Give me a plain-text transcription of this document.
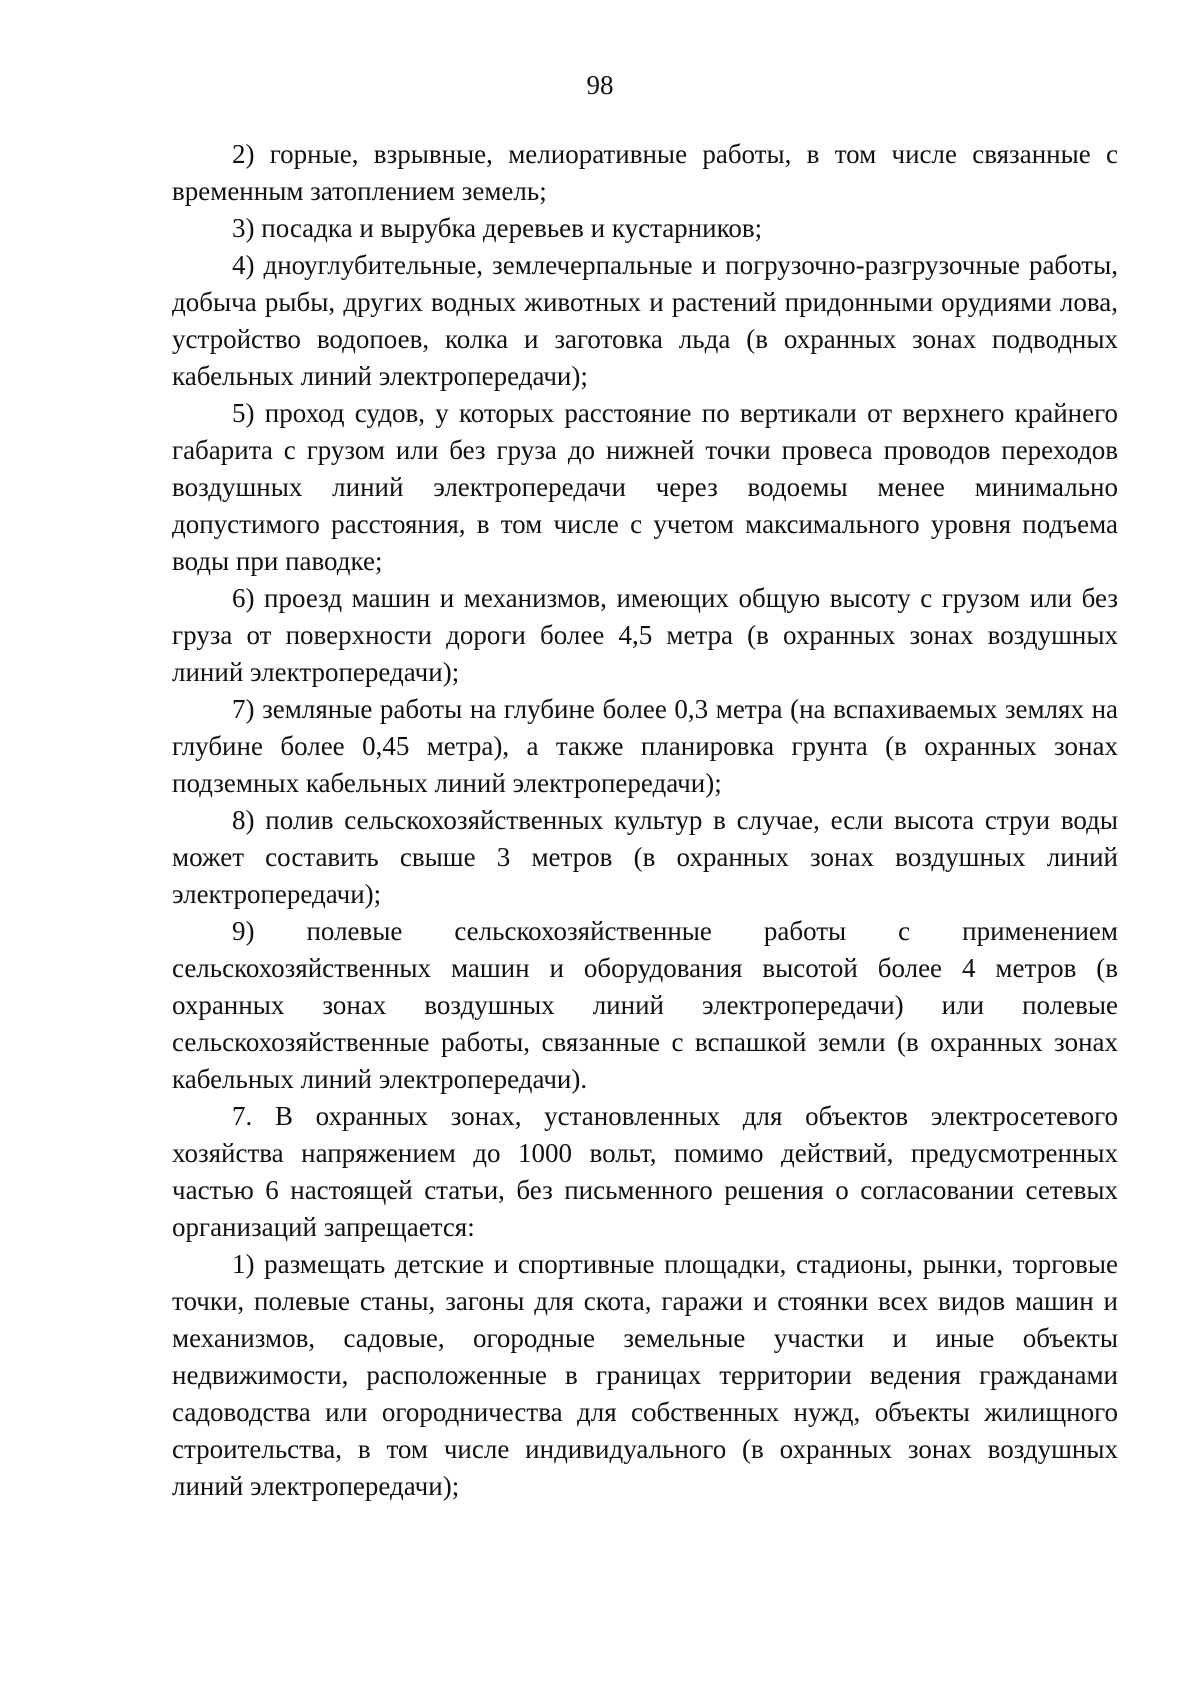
98

2) горные, взрывные, мелиоративные работы, в том числе связанные с временным затоплением земель;

3) посадка и вырубка деревьев и кустарников;

4) дноуглубительные, землечерпальные и погрузочно-разгрузочные работы, добыча рыбы, других водных животных и растений придонными орудиями лова, устройство водопоев, колка и заготовка льда (в охранных зонах подводных кабельных линий электропередачи);

5) проход судов, у которых расстояние по вертикали от верхнего крайнего габарита с грузом или без груза до нижней точки провеса проводов переходов воздушных линий электропередачи через водоемы менее минимально допустимого расстояния, в том числе с учетом максимального уровня подъема воды при паводке;

6) проезд машин и механизмов, имеющих общую высоту с грузом или без груза от поверхности дороги более 4,5 метра (в охранных зонах воздушных линий электропередачи);

7) земляные работы на глубине более 0,3 метра (на вспахиваемых землях на глубине более 0,45 метра), а также планировка грунта (в охранных зонах подземных кабельных линий электропередачи);

8) полив сельскохозяйственных культур в случае, если высота струи воды может составить свыше 3 метров (в охранных зонах воздушных линий электропередачи);

9) полевые сельскохозяйственные работы с применением сельскохозяйственных машин и оборудования высотой более 4 метров (в охранных зонах воздушных линий электропередачи) или полевые сельскохозяйственные работы, связанные с вспашкой земли (в охранных зонах кабельных линий электропередачи).

7. В охранных зонах, установленных для объектов электросетевого хозяйства напряжением до 1000 вольт, помимо действий, предусмотренных частью 6 настоящей статьи, без письменного решения о согласовании сетевых организаций запрещается:

1) размещать детские и спортивные площадки, стадионы, рынки, торговые точки, полевые станы, загоны для скота, гаражи и стоянки всех видов машин и механизмов, садовые, огородные земельные участки и иные объекты недвижимости, расположенные в границах территории ведения гражданами садоводства или огородничества для собственных нужд, объекты жилищного строительства, в том числе индивидуального (в охранных зонах воздушных линий электропередачи);
